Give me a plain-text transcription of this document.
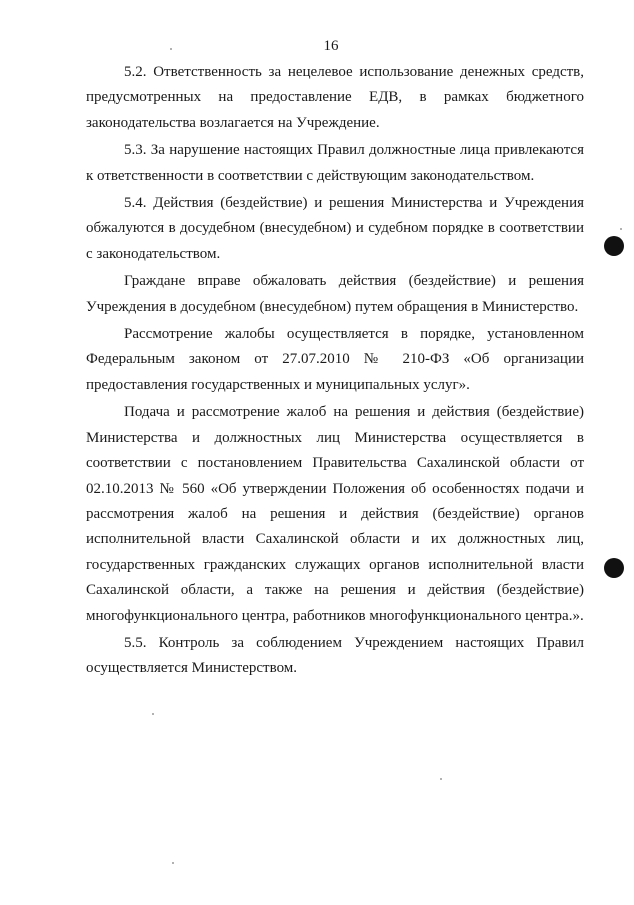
16

5.2. Ответственность за нецелевое использование денежных средств, предусмотренных на предоставление ЕДВ, в рамках бюджетного законодательства возлагается на Учреждение.

5.3. За нарушение настоящих Правил должностные лица привлекаются к ответственности в соответствии с действующим законодательством.

5.4. Действия (бездействие) и решения Министерства и Учреждения обжалуются в досудебном (внесудебном) и судебном порядке в соответствии с законодательством.

Граждане вправе обжаловать действия (бездействие) и решения Учреждения в досудебном (внесудебном) путем обращения в Министерство.

Рассмотрение жалобы осуществляется в порядке, установленном Федеральным законом от 27.07.2010 № 210-ФЗ «Об организации предоставления государственных и муниципальных услуг».

Подача и рассмотрение жалоб на решения и действия (бездействие) Министерства и должностных лиц Министерства осуществляется в соответствии с постановлением Правительства Сахалинской области от 02.10.2013 № 560 «Об утверждении Положения об особенностях подачи и рассмотрения жалоб на решения и действия (бездействие) органов исполнительной власти Сахалинской области и их должностных лиц, государственных гражданских служащих органов исполнительной власти Сахалинской области, а также на решения и действия (бездействие) многофункционального центра, работников многофункционального центра.».

5.5. Контроль за соблюдением Учреждением настоящих Правил осуществляется Министерством.
